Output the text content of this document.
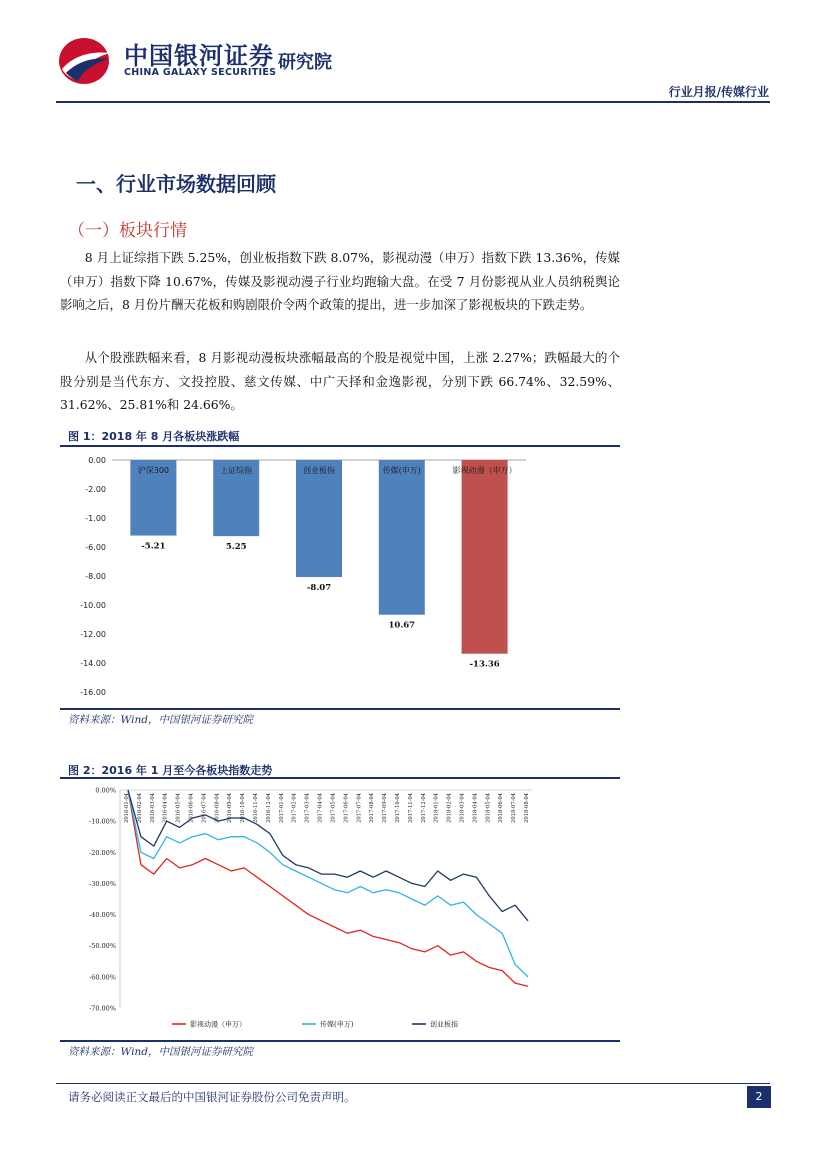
中国银河证券
CHINA GALAXY SECURITIES 研究院
行业月报/传媒行业
一、行业市场数据回顾
（一）板块行情

8 月上证综指下跌 5.25%，创业板指数下跌 8.07%，影视动漫（申万）指数下跌 13.36%，传媒（申万）指数下降 10.67%，传媒及影视动漫子行业均跑输大盘。在受 7 月份影视从业人员纳税舆论影响之后，8 月份片酬天花板和购剧限价令两个政策的提出，进一步加深了影视板块的下跌走势。

从个股涨跌幅来看，8 月影视动漫板块涨幅最高的个股是视觉中国，上涨 2.27%；跌幅最大的个股分别是当代东方、文投控股、慈文传媒、中广天择和金逸影视，分别下跌 66.74%、32.59%、31.62%、25.81%和 24.66%。

图 1：2018 年 8 月各板块涨跌幅
0.00
-2.00
-1.00
-6.00
-8.00
-10.00
-12.00
-14.00
-16.00
沪深300
-5.21
上证综指
5.25
创业板指
-8.07
传媒(申万)
10.67
影视动漫（申万）
-13.36
资料来源：Wind，中国银河证券研究院
图 2：2016 年 1 月至今各板块指数走势
0.00%
-10.00%
-20.00%
-30.00%
-40.00%
-50.00%
-60.00%
-70.00%
2016-01-04 2016-02-04 2016-03-04 2016-04-04 2016-05-04 2016-06-04 2016-07-04 2016-08-04 2016-09-04 2016-10-04 2016-11-04 2016-12-04 2017-01-04 2017-02-04 2017-03-04 2017-04-04 2017-05-04 2017-06-04 2017-07-04 2017-08-04 2017-09-04 2017-10-04 2017-11-04 2017-12-04 2018-01-04 2018-02-04 2018-03-04 2018-04-04 2018-05-04 2018-06-04 2018-07-04 2018-08-04
影视动漫（申万）	传媒(申万)	创业板指
资料来源：Wind，中国银河证券研究院
请务必阅读正文最后的中国银河证券股份公司免责声明。	2
